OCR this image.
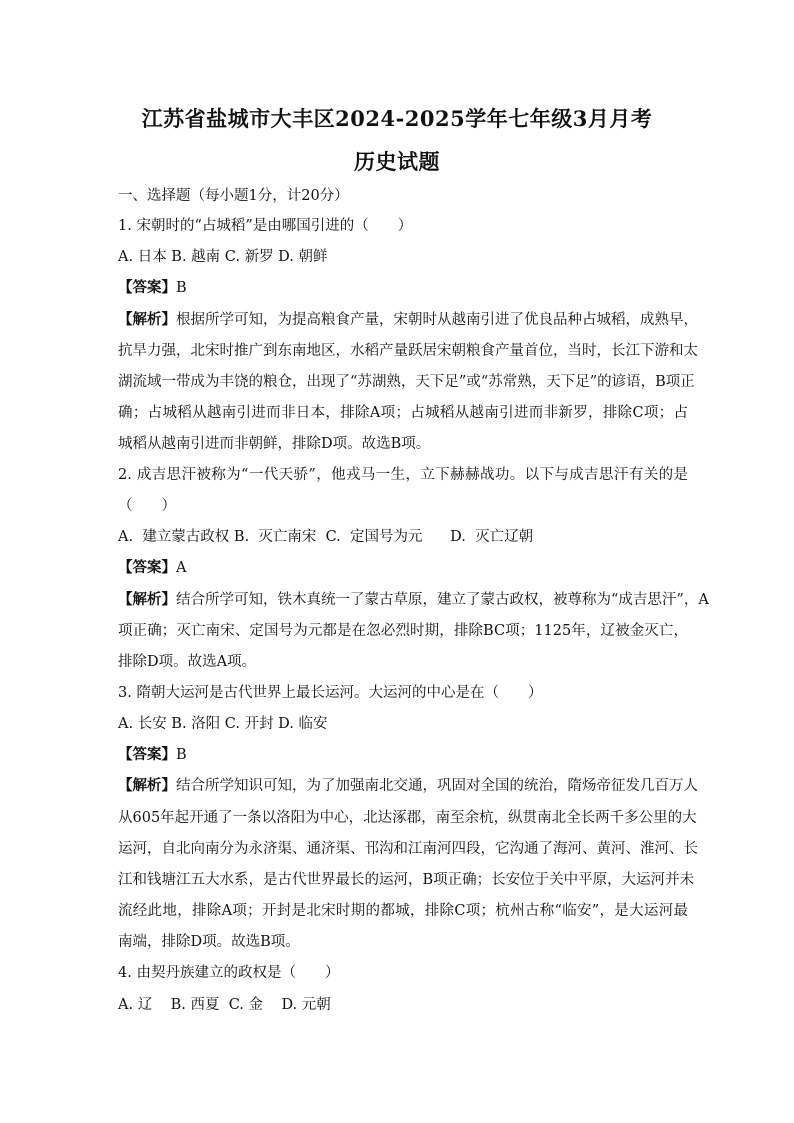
江苏省盐城市大丰区2024-2025学年七年级3月月考
历史试题
一、选择题（每小题1分，计20分）
1. 宋朝时的“占城稻”是由哪国引进的（　　）
A. 日本 B. 越南 C. 新罗 D. 朝鲜
【答案】B
【解析】根据所学可知，为提高粮食产量，宋朝时从越南引进了优良品种占城稻，成熟早，
抗旱力强，北宋时推广到东南地区，水稻产量跃居宋朝粮食产量首位，当时，长江下游和太
湖流域一带成为丰饶的粮仓，出现了“苏湖熟，天下足”或“苏常熟，天下足”的谚语，B项正
确；占城稻从越南引进而非日本，排除A项；占城稻从越南引进而非新罗，排除C项；占
城稻从越南引进而非朝鲜，排除D项。故选B项。
2. 成吉思汗被称为“一代天骄”，他戎马一生，立下赫赫战功。以下与成吉思汗有关的是
（　　）
A.  建立蒙古政权 B.  灭亡南宋  C.  定国号为元      D.  灭亡辽朝
【答案】A
【解析】结合所学可知，铁木真统一了蒙古草原，建立了蒙古政权，被尊称为“成吉思汗”，A
项正确；灭亡南宋、定国号为元都是在忽必烈时期，排除BC项；1125年，辽被金灭亡，
排除D项。故选A项。
3. 隋朝大运河是古代世界上最长运河。大运河的中心是在（　　）
A. 长安 B. 洛阳 C. 开封 D. 临安
【答案】B
【解析】结合所学知识可知，为了加强南北交通，巩固对全国的统治，隋炀帝征发几百万人
从605年起开通了一条以洛阳为中心，北达涿郡，南至余杭，纵贯南北全长两千多公里的大
运河，自北向南分为永济渠、通济渠、邗沟和江南河四段，它沟通了海河、黄河、淮河、长
江和钱塘江五大水系，是古代世界最长的运河，B项正确；长安位于关中平原，大运河并未
流经此地，排除A项；开封是北宋时期的都城，排除C项；杭州古称“临安”，是大运河最
南端，排除D项。故选B项。
4. 由契丹族建立的政权是（　　）
A. 辽    B. 西夏  C. 金    D. 元朝
